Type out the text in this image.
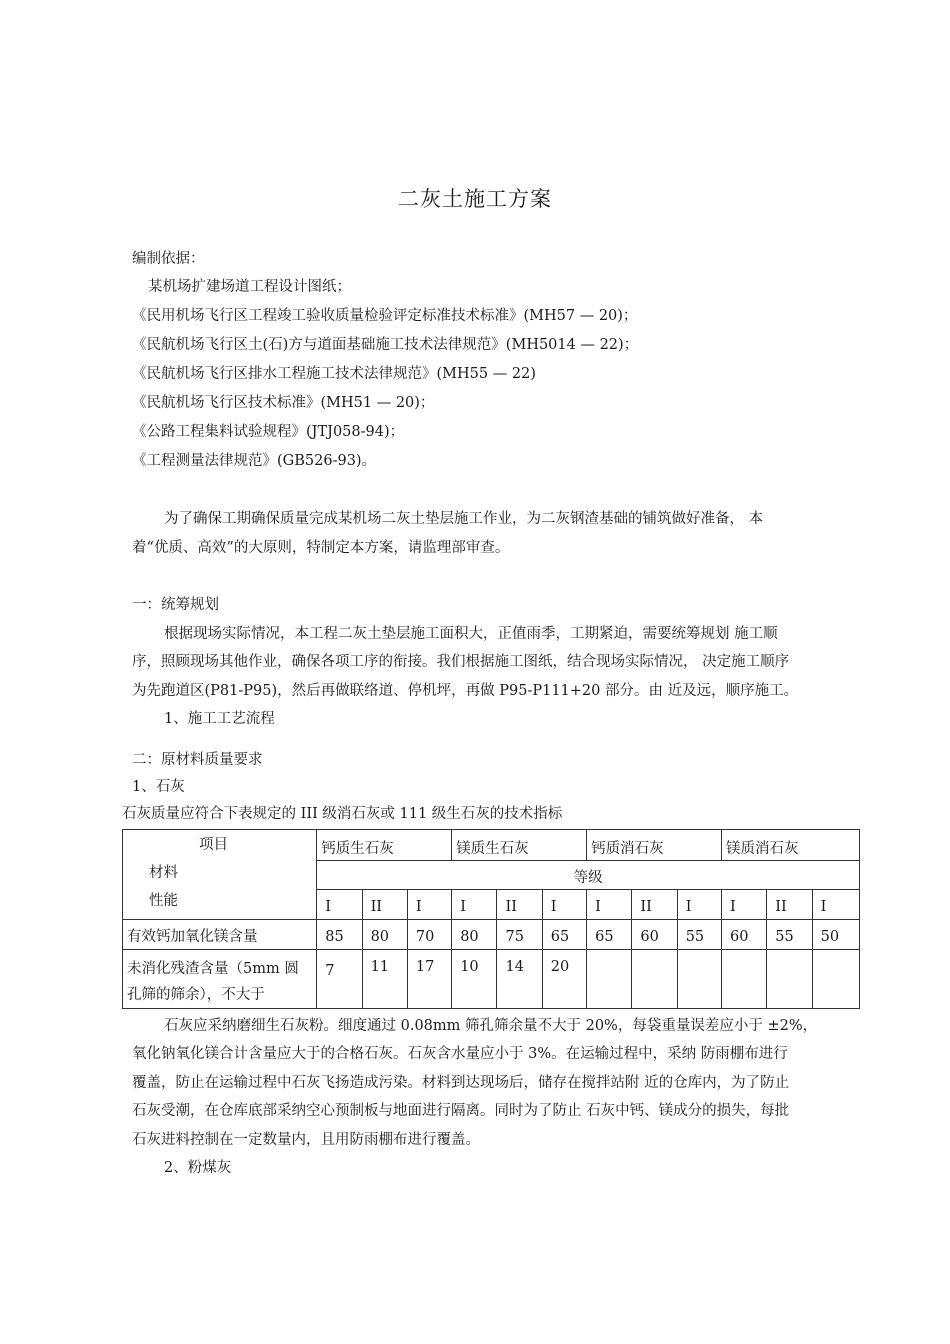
二灰土施工方案
编制依据：
某机场扩建场道工程设计图纸；
《民用机场飞行区工程竣工验收质量检验评定标准技术标准》(MH57 — 20)；
《民航机场飞行区土(石)方与道面基础施工技术法律规范》(MH5014 — 22)；
《民航机场飞行区排水工程施工技术法律规范》(MH55 — 22)
《民航机场飞行区技术标准》(MH51 — 20)；
《公路工程集料试验规程》(JTJ058-94)；
《工程测量法律规范》(GB526-93)。
为了确保工期确保质量完成某机场二灰土垫层施工作业，为二灰钢渣基础的铺筑做好准备， 本
着“优质、高效”的大原则，特制定本方案，请监理部审查。
一：统筹规划
根据现场实际情况，本工程二灰土垫层施工面积大，正值雨季，工期紧迫，需要统筹规划 施工顺
序，照顾现场其他作业，确保各项工序的衔接。我们根据施工图纸，结合现场实际情况， 决定施工顺序
为先跑道区(P81-P95)，然后再做联络道、停机坪，再做 P95-P111+20 部分。由 近及远，顺序施工。
1、施工工艺流程
二：原材料质量要求
1、石灰
石灰质量应符合下表规定的 III 级消石灰或 111 级生石灰的技术指标
项目
材料
性能	钙质生石灰			镁质生石灰			钙质消石灰			镁质消石灰		
	等级											
	I	II	I	I	II	I	I	II	I	I	II	I
有效钙加氧化镁含量	85	80	70	80	75	65	65	60	55	60	55	50

未消化残渣含量（5mm 圆
孔筛的筛余），不大于	7	11	17	10	14	20						
石灰应采纳磨细生石灰粉。细度通过 0.08mm 筛孔筛余量不大于 20%，每袋重量误差应小于 ±2%，
氧化钠氧化镁合计含量应大于的合格石灰。石灰含水量应小于 3%。在运输过程中，采纳 防雨棚布进行
覆盖，防止在运输过程中石灰飞扬造成污染。材料到达现场后，储存在搅拌站附 近的仓库内，为了防止
石灰受潮，在仓库底部采纳空心预制板与地面进行隔离。同时为了防止 石灰中钙、镁成分的损失，每批
石灰进料控制在一定数量内，且用防雨棚布进行覆盖。
2、粉煤灰
